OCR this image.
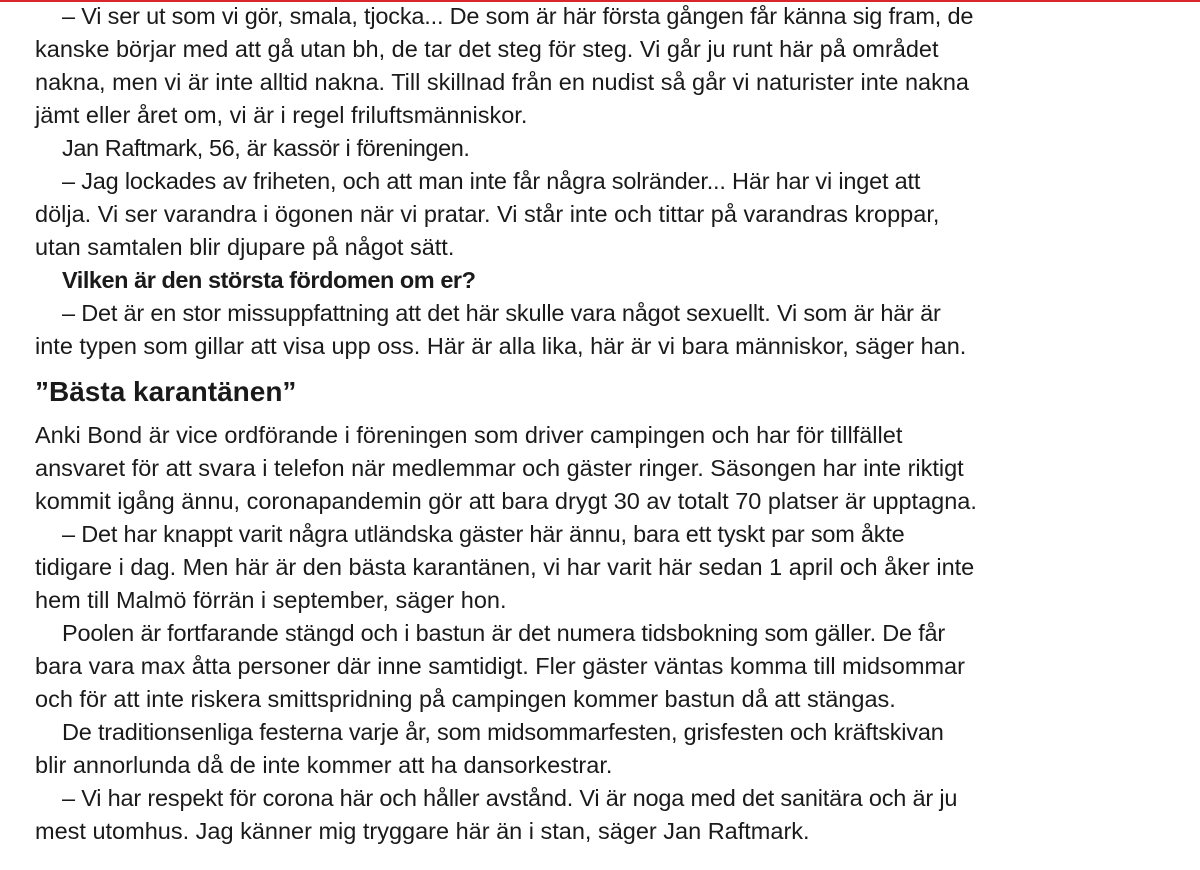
– Vi ser ut som vi gör, smala, tjocka... De som är här första gången får känna sig fram, de

kanske börjar med att gå utan bh, de tar det steg för steg. Vi går ju runt här på området

nakna, men vi är inte alltid nakna. Till skillnad från en nudist så går vi naturister inte nakna

jämt eller året om, vi är i regel friluftsmänniskor.

Jan Raftmark, 56, är kassör i föreningen.

– Jag lockades av friheten, och att man inte får några solränder... Här har vi inget att

dölja. Vi ser varandra i ögonen när vi pratar. Vi står inte och tittar på varandras kroppar,

utan samtalen blir djupare på något sätt.

Vilken är den största fördomen om er?

– Det är en stor missuppfattning att det här skulle vara något sexuellt. Vi som är här är

inte typen som gillar att visa upp oss. Här är alla lika, här är vi bara människor, säger han.

”Bästa karantänen”

Anki Bond är vice ordförande i föreningen som driver campingen och har för tillfället

ansvaret för att svara i telefon när medlemmar och gäster ringer. Säsongen har inte riktigt

kommit igång ännu, coronapandemin gör att bara drygt 30 av totalt 70 platser är upptagna.

– Det har knappt varit några utländska gäster här ännu, bara ett tyskt par som åkte

tidigare i dag. Men här är den bästa karantänen, vi har varit här sedan 1 april och åker inte

hem till Malmö förrän i september, säger hon.

Poolen är fortfarande stängd och i bastun är det numera tidsbokning som gäller. De får

bara vara max åtta personer där inne samtidigt. Fler gäster väntas komma till midsommar

och för att inte riskera smittspridning på campingen kommer bastun då att stängas.

De traditionsenliga festerna varje år, som midsommarfesten, grisfesten och kräftskivan

blir annorlunda då de inte kommer att ha dansorkestrar.

– Vi har respekt för corona här och håller avstånd. Vi är noga med det sanitära och är ju

mest utomhus. Jag känner mig tryggare här än i stan, säger Jan Raftmark.
